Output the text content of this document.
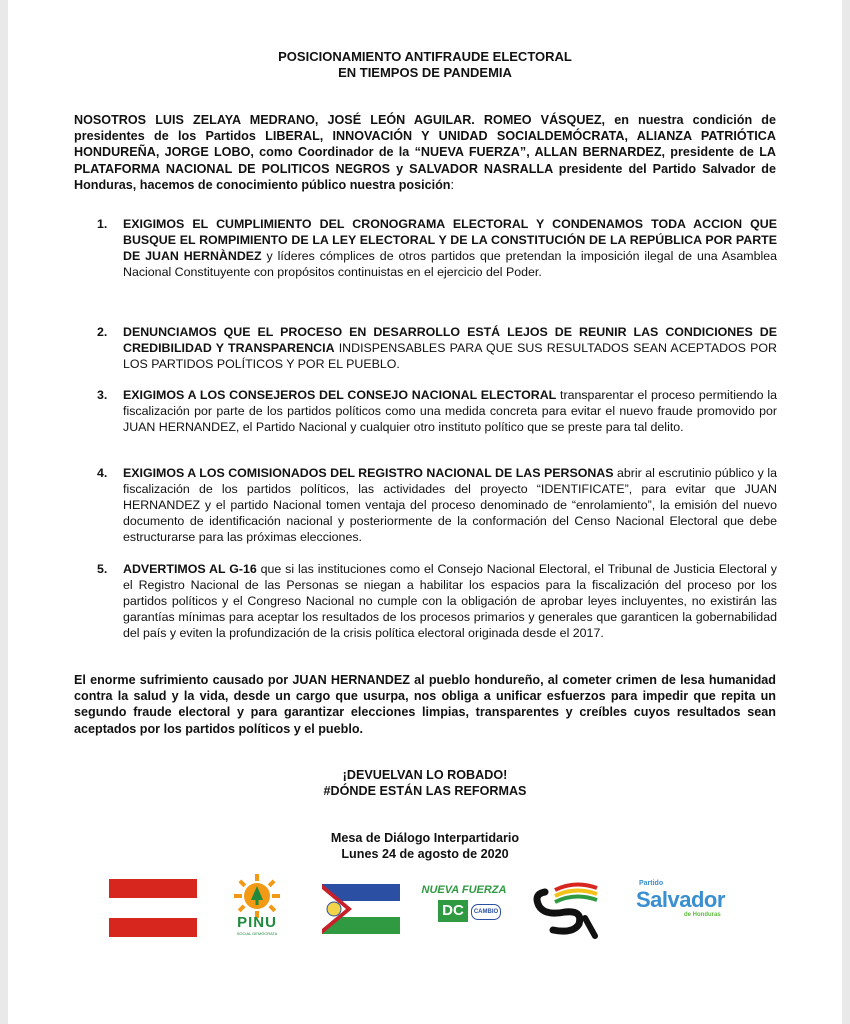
POSICIONAMIENTO ANTIFRAUDE ELECTORAL
EN TIEMPOS DE PANDEMIA
NOSOTROS LUIS ZELAYA MEDRANO, JOSÉ LEÓN AGUILAR. ROMEO VÁSQUEZ, en nuestra condición de presidentes de los Partidos LIBERAL, INNOVACIÓN Y UNIDAD SOCIALDEMÓCRATA, ALIANZA PATRIÓTICA HONDUREÑA, JORGE LOBO, como Coordinador de la “NUEVA FUERZA”, ALLAN BERNARDEZ, presidente de LA PLATAFORMA NACIONAL DE POLITICOS NEGROS y SALVADOR NASRALLA presidente del Partido Salvador de Honduras, hacemos de conocimiento público nuestra posición:
1.	EXIGIMOS EL CUMPLIMIENTO DEL CRONOGRAMA ELECTORAL Y CONDENAMOS TODA ACCION QUE BUSQUE EL ROMPIMIENTO DE LA LEY ELECTORAL Y DE LA CONSTITUCIÓN DE LA REPÚBLICA POR PARTE DE JUAN HERNÀNDEZ y líderes cómplices de otros partidos que pretendan la imposición ilegal de una Asamblea Nacional Constituyente con propósitos continuistas en el ejercicio del Poder.
2.	DENUNCIAMOS QUE EL PROCESO EN DESARROLLO ESTÁ LEJOS DE REUNIR LAS CONDICIONES DE CREDIBILIDAD Y TRANSPARENCIA INDISPENSABLES PARA QUE SUS RESULTADOS SEAN ACEPTADOS POR LOS PARTIDOS POLÍTICOS Y POR EL PUEBLO.
3.	EXIGIMOS A LOS CONSEJEROS DEL CONSEJO NACIONAL ELECTORAL transparentar el proceso permitiendo la fiscalización por parte de los partidos políticos como una medida concreta para evitar el nuevo fraude promovido por JUAN HERNANDEZ, el Partido Nacional y cualquier otro instituto político que se preste para tal delito.
4.	EXIGIMOS A LOS COMISIONADOS DEL REGISTRO NACIONAL DE LAS PERSONAS abrir al escrutinio público y la fiscalización de los partidos políticos, las actividades del proyecto “IDENTIFICATE”, para evitar que JUAN HERNANDEZ y el partido Nacional tomen ventaja del proceso denominado de “enrolamiento”, la emisión del nuevo documento de identificación nacional y posteriormente de la conformación del Censo Nacional Electoral que debe estructurarse para las próximas elecciones.
5.	ADVERTIMOS AL G-16 que si las instituciones como el Consejo Nacional Electoral, el Tribunal de Justicia Electoral y el Registro Nacional de las Personas se niegan a habilitar los espacios para la fiscalización del proceso por los partidos políticos y el Congreso Nacional no cumple con la obligación de aprobar leyes incluyentes, no existirán las garantías mínimas para aceptar los resultados de los procesos primarios y generales que garanticen la gobernabilidad del país y eviten la profundización de la crisis política electoral originada desde el 2017.
El enorme sufrimiento causado por JUAN HERNANDEZ al pueblo hondureño, al cometer crimen de lesa humanidad contra la salud y la vida, desde un cargo que usurpa, nos obliga a unificar esfuerzos para impedir que repita un segundo fraude electoral y para garantizar elecciones limpias, transparentes y creíbles cuyos resultados sean aceptados por los partidos políticos y el pueblo.
¡DEVUELVAN LO ROBADO!
#DÓNDE ESTÁN LAS REFORMAS
Mesa de Diálogo Interpartidario
Lunes 24 de agosto de 2020
PINU
SOCIAL DEMÓCRATA
NUEVA FUERZA
DC	CAMBIO
Partido
Salvador
de Honduras
